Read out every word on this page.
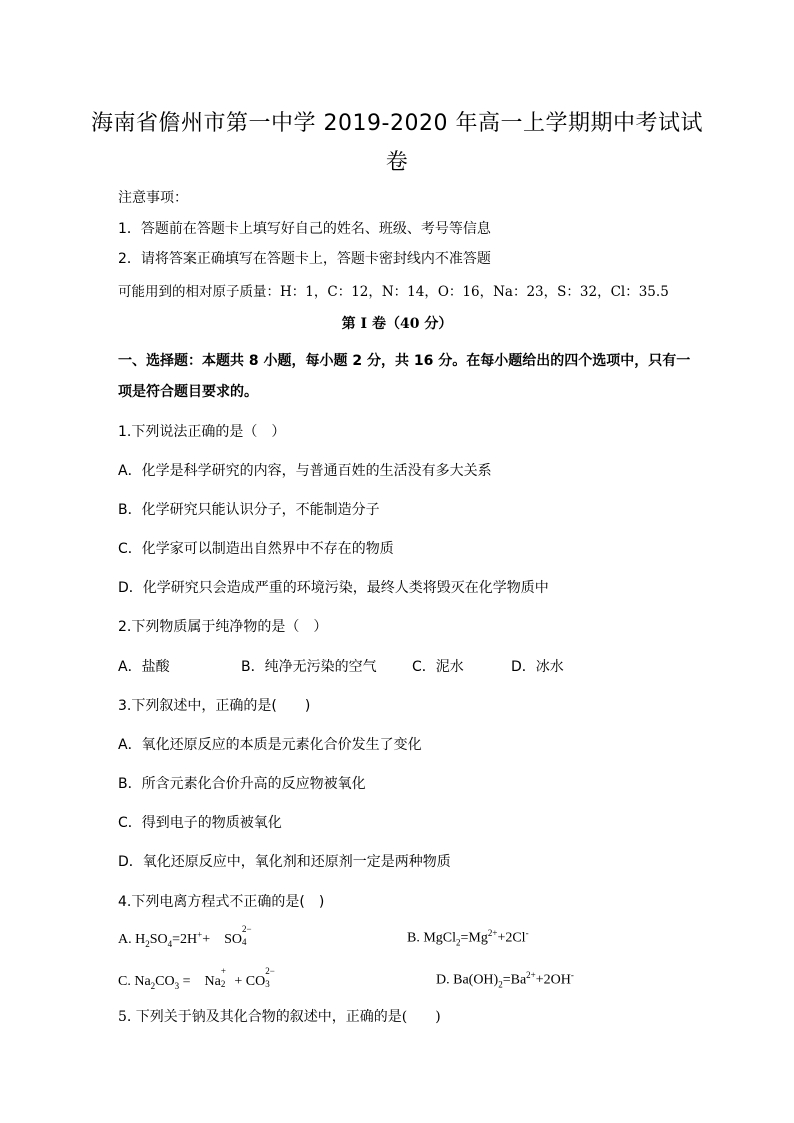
海南省儋州市第一中学 2019-2020 年高一上学期期中考试试
卷
注意事项：
1．答题前在答题卡上填写好自己的姓名、班级、考号等信息
2．请将答案正确填写在答题卡上，答题卡密封线内不准答题
可能用到的相对原子质量：H：1，C：12，N：14，O：16，Na：23，S：32，Cl：35.5
第 I 卷（40 分）
一、选择题：本题共 8 小题，每小题 2 分，共 16 分。在每小题给出的四个选项中，只有一
项是符合题目要求的。
1.下列说法正确的是（　）
A．化学是科学研究的内容，与普通百姓的生活没有多大关系
B．化学研究只能认识分子，不能制造分子
C．化学家可以制造出自然界中不存在的物质
D．化学研究只会造成严重的环境污染，最终人类将毁灭在化学物质中
2.下列物质属于纯净物的是（　）
A．盐酸	B．纯净无污染的空气	C．泥水	D．冰水
3.下列叙述中，正确的是(　　)
A．氧化还原反应的本质是元素化合价发生了变化
B．所含元素化合价升高的反应物被氧化
C．得到电子的物质被氧化
D．氧化还原反应中，氧化剂和还原剂一定是两种物质
4.下列电离方程式不正确的是(　)
A. $H_2SO_4=2H^++$　SO
2−
4	B. $MgCl_2=Mg^{2+}+2Cl^-$
C. $Na_2CO_3$ =　Na
+
2 + CO
2−
3	D. $Ba(OH)_2=Ba^{2+}+2OH^-$
5. 下列关于钠及其化合物的叙述中，正确的是(　　)
